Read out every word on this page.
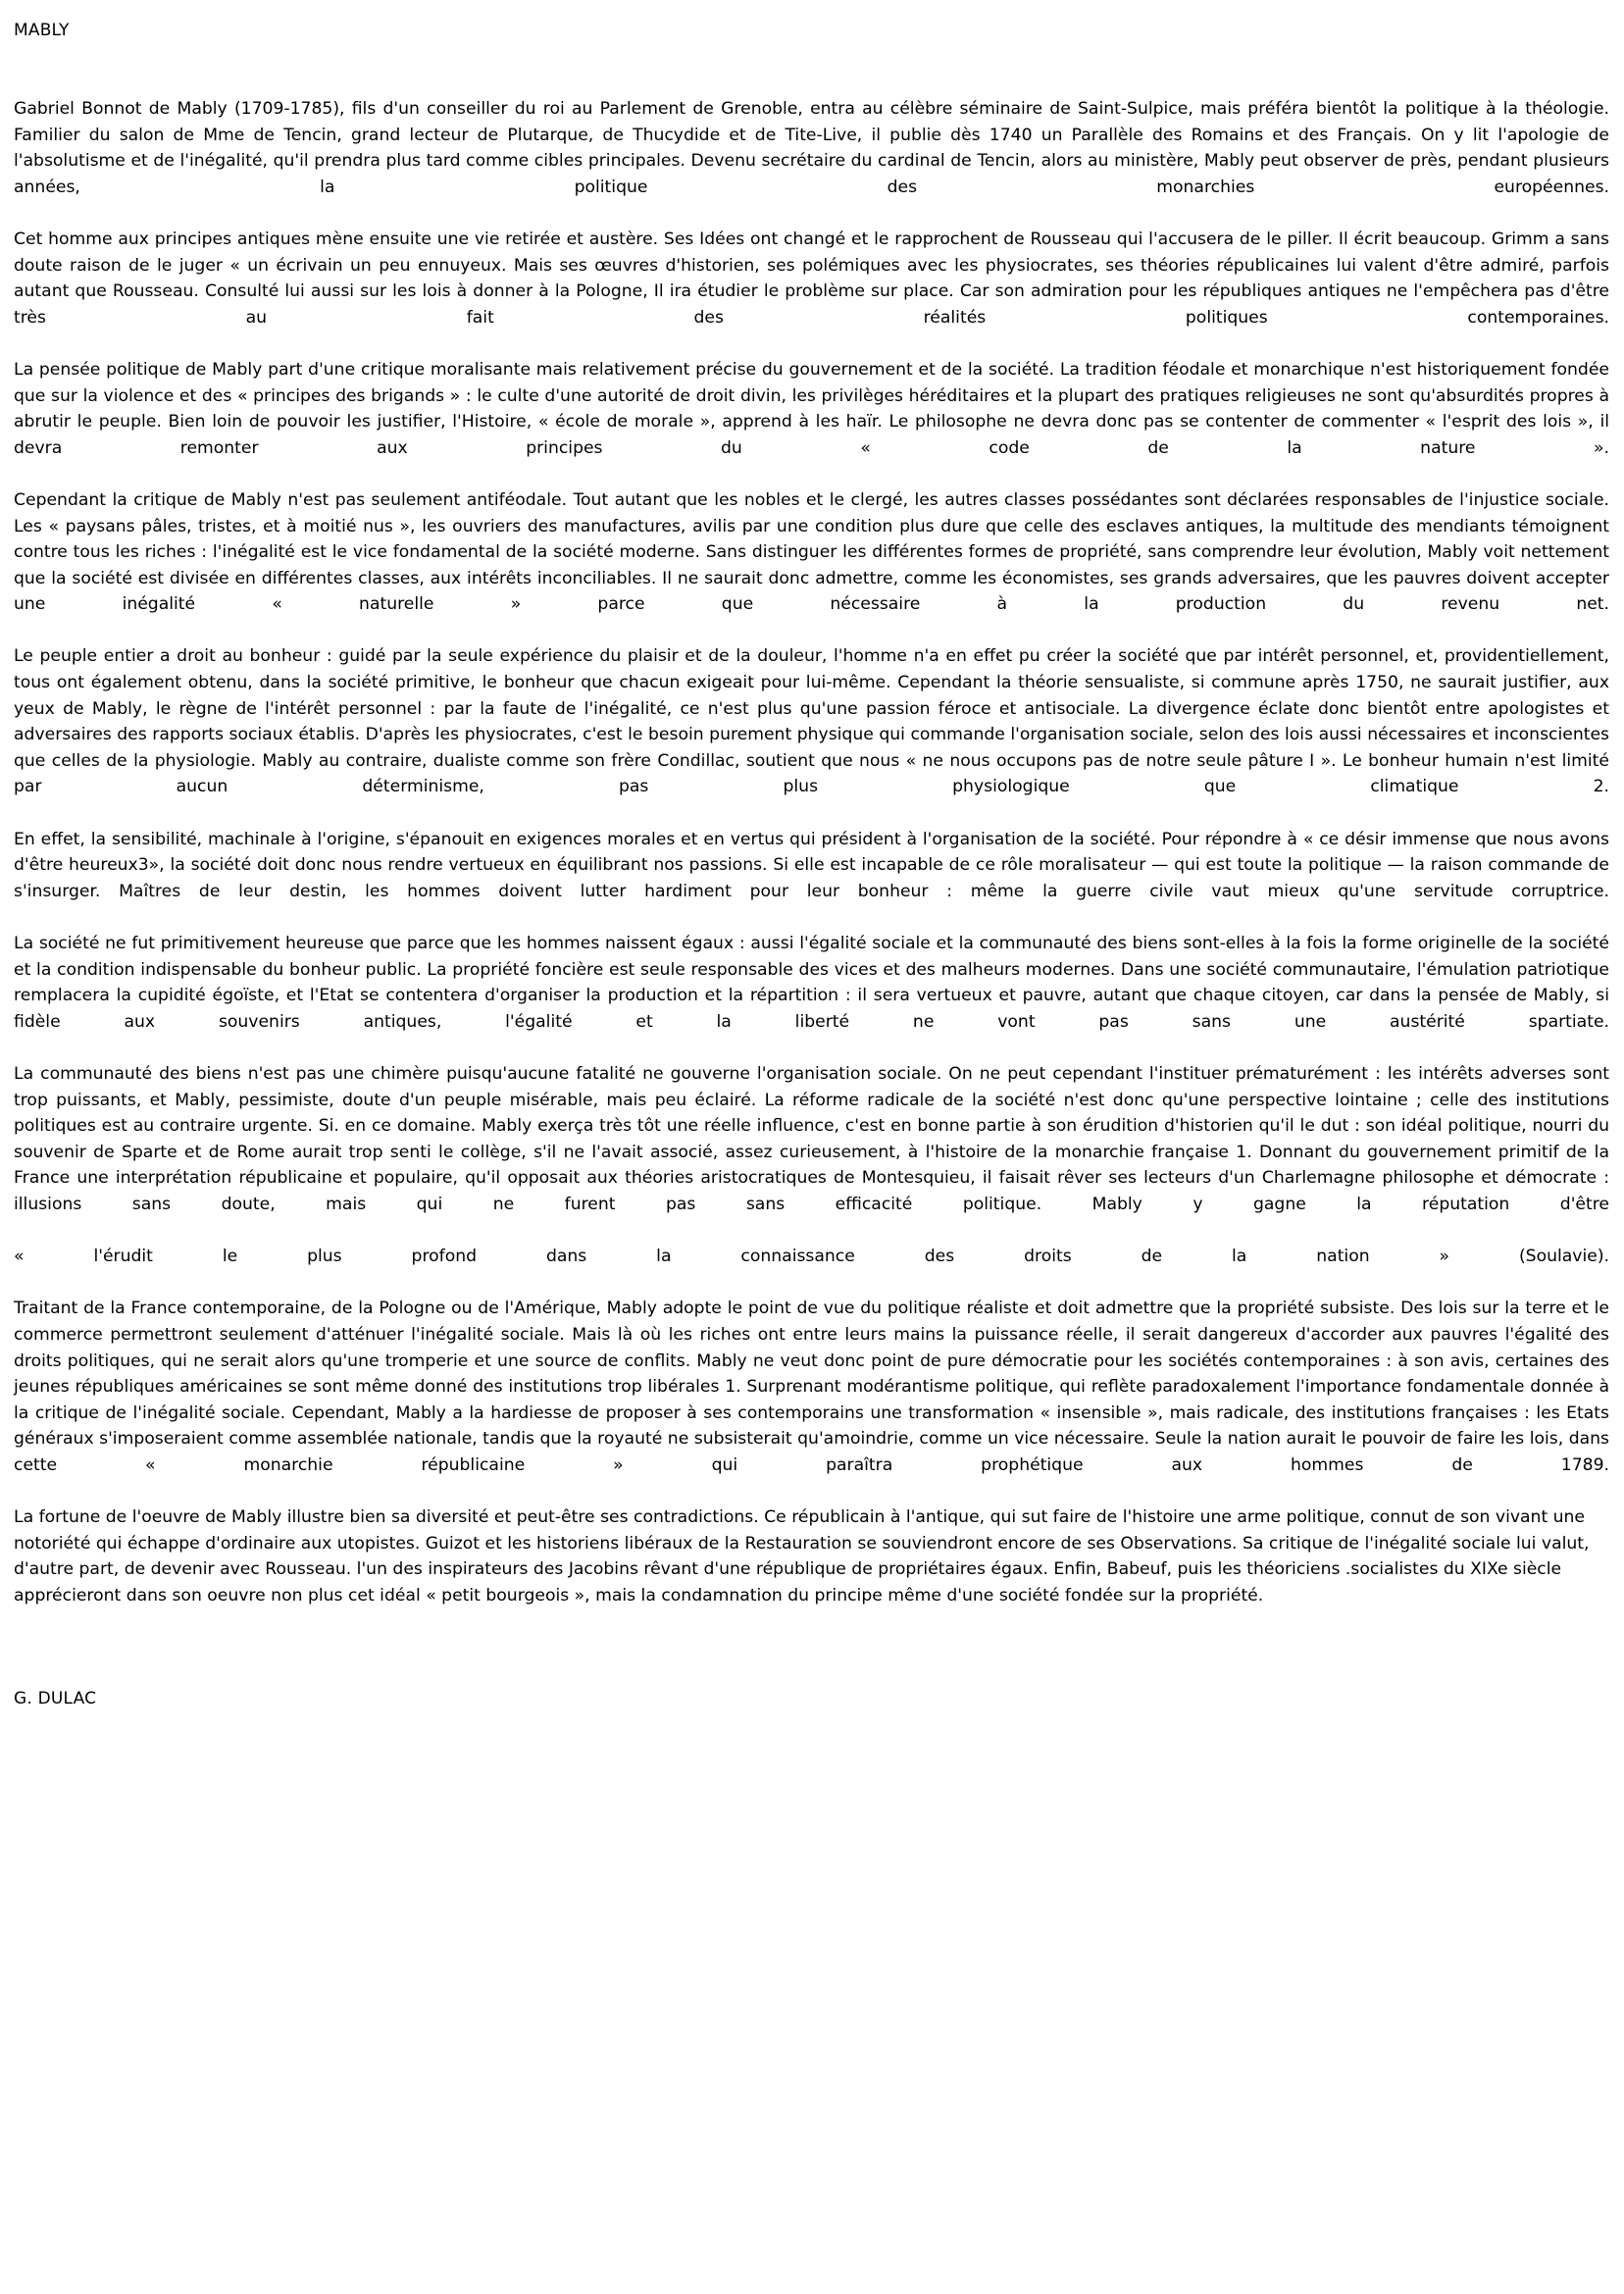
MABLY

Gabriel Bonnot de Mably (1709-1785), fils d'un conseiller du roi au Parlement de Grenoble, entra au célèbre séminaire de Saint-Sulpice, mais préféra bientôt la politique à la théologie. Familier du salon de Mme de Tencin, grand lecteur de Plutarque, de Thucydide et de Tite-Live, il publie dès 1740 un Parallèle des Romains et des Français. On y lit l'apologie de l'absolutisme et de l'inégalité, qu'il prendra plus tard comme cibles principales. Devenu secrétaire du cardinal de Tencin, alors au ministère, Mably peut observer de près, pendant plusieurs années, la politique des monarchies européennes.

Cet homme aux principes antiques mène ensuite une vie retirée et austère. Ses Idées ont changé et le rapprochent de Rousseau qui l'accusera de le piller. Il écrit beaucoup. Grimm a sans doute raison de le juger « un écrivain un peu ennuyeux. Mais ses œuvres d'historien, ses polémiques avec les physiocrates, ses théories républicaines lui valent d'être admiré, parfois autant que Rousseau. Consulté lui aussi sur les lois à donner à la Pologne, Il ira étudier le problème sur place. Car son admiration pour les républiques antiques ne l'empêchera pas d'être très au fait des réalités politiques contemporaines.

La pensée politique de Mably part d'une critique moralisante mais relativement précise du gouvernement et de la société. La tradition féodale et monarchique n'est historiquement fondée que sur la violence et des « principes des brigands » : le culte d'une autorité de droit divin, les privilèges héréditaires et la plupart des pratiques religieuses ne sont qu'absurdités propres à abrutir le peuple. Bien loin de pouvoir les justifier, l'Histoire, « école de morale », apprend à les haïr. Le philosophe ne devra donc pas se contenter de commenter « l'esprit des lois », il devra remonter aux principes du « code de la nature ».

Cependant la critique de Mably n'est pas seulement antiféodale. Tout autant que les nobles et le clergé, les autres classes possédantes sont déclarées responsables de l'injustice sociale. Les « paysans pâles, tristes, et à moitié nus », les ouvriers des manufactures, avilis par une condition plus dure que celle des esclaves antiques, la multitude des mendiants témoignent contre tous les riches : l'inégalité est le vice fondamental de la société moderne. Sans distinguer les différentes formes de propriété, sans comprendre leur évolution, Mably voit nettement que la société est divisée en différentes classes, aux intérêts inconciliables. Il ne saurait donc admettre, comme les économistes, ses grands adversaires, que les pauvres doivent accepter une inégalité « naturelle » parce que nécessaire à la production du revenu net.

Le peuple entier a droit au bonheur : guidé par la seule expérience du plaisir et de la douleur, l'homme n'a en effet pu créer la société que par intérêt personnel, et, providentiellement, tous ont également obtenu, dans la société primitive, le bonheur que chacun exigeait pour lui-même. Cependant la théorie sensualiste, si commune après 1750, ne saurait justifier, aux yeux de Mably, le règne de l'intérêt personnel : par la faute de l'inégalité, ce n'est plus qu'une passion féroce et antisociale. La divergence éclate donc bientôt entre apologistes et adversaires des rapports sociaux établis. D'après les physiocrates, c'est le besoin purement physique qui commande l'organisation sociale, selon des lois aussi nécessaires et inconscientes que celles de la physiologie. Mably au contraire, dualiste comme son frère Condillac, soutient que nous « ne nous occupons pas de notre seule pâture I ». Le bonheur humain n'est limité par aucun déterminisme, pas plus physiologique que climatique 2.

En effet, la sensibilité, machinale à l'origine, s'épanouit en exigences morales et en vertus qui président à l'organisation de la société. Pour répondre à « ce désir immense que nous avons d'être heureux3», la société doit donc nous rendre vertueux en équilibrant nos passions. Si elle est incapable de ce rôle moralisateur — qui est toute la politique — la raison commande de s'insurger. Maîtres de leur destin, les hommes doivent lutter hardiment pour leur bonheur : même la guerre civile vaut mieux qu'une servitude corruptrice.

La société ne fut primitivement heureuse que parce que les hommes naissent égaux : aussi l'égalité sociale et la communauté des biens sont-elles à la fois la forme originelle de la société et la condition indispensable du bonheur public. La propriété foncière est seule responsable des vices et des malheurs modernes. Dans une société communautaire, l'émulation patriotique remplacera la cupidité égoïste, et l'Etat se contentera d'organiser la production et la répartition : il sera vertueux et pauvre, autant que chaque citoyen, car dans la pensée de Mably, si fidèle aux souvenirs antiques, l'égalité et la liberté ne vont pas sans une austérité spartiate.

La communauté des biens n'est pas une chimère puisqu'aucune fatalité ne gouverne l'organisation sociale. On ne peut cependant l'instituer prématurément : les intérêts adverses sont trop puissants, et Mably, pessimiste, doute d'un peuple misérable, mais peu éclairé. La réforme radicale de la société n'est donc qu'une perspective lointaine ; celle des institutions politiques est au contraire urgente. Si. en ce domaine. Mably exerça très tôt une réelle influence, c'est en bonne partie à son érudition d'historien qu'il le dut : son idéal politique, nourri du souvenir de Sparte et de Rome aurait trop senti le collège, s'il ne l'avait associé, assez curieusement, à l'histoire de la monarchie française 1. Donnant du gouvernement primitif de la France une interprétation républicaine et populaire, qu'il opposait aux théories aristocratiques de Montesquieu, il faisait rêver ses lecteurs d'un Charlemagne philosophe et démocrate : illusions sans doute, mais qui ne furent pas sans efficacité politique. Mably y gagne la réputation d'être

« l'érudit le plus profond dans la connaissance des droits de la nation » (Soulavie).

Traitant de la France contemporaine, de la Pologne ou de l'Amérique, Mably adopte le point de vue du politique réaliste et doit admettre que la propriété subsiste. Des lois sur la terre et le commerce permettront seulement d'atténuer l'inégalité sociale. Mais là où les riches ont entre leurs mains la puissance réelle, il serait dangereux d'accorder aux pauvres l'égalité des droits politiques, qui ne serait alors qu'une tromperie et une source de conflits. Mably ne veut donc point de pure démocratie pour les sociétés contemporaines : à son avis, certaines des jeunes républiques américaines se sont même donné des institutions trop libérales 1. Surprenant modérantisme politique, qui reflète paradoxalement l'importance fondamentale donnée à la critique de l'inégalité sociale. Cependant, Mably a la hardiesse de proposer à ses contemporains une transformation « insensible », mais radicale, des institutions françaises : les Etats généraux s'imposeraient comme assemblée nationale, tandis que la royauté ne subsisterait qu'amoindrie, comme un vice nécessaire. Seule la nation aurait le pouvoir de faire les lois, dans cette « monarchie républicaine » qui paraîtra prophétique aux hommes de 1789.

La fortune de l'oeuvre de Mably illustre bien sa diversité et peut-être ses contradictions. Ce républicain à l'antique, qui sut faire de l'histoire une arme politique, connut de son vivant une notoriété qui échappe d'ordinaire aux utopistes. Guizot et les historiens libéraux de la Restauration se souviendront encore de ses Observations. Sa critique de l'inégalité sociale lui valut, d'autre part, de devenir avec Rousseau. l'un des inspirateurs des Jacobins rêvant d'une république de propriétaires égaux. Enfin, Babeuf, puis les théoriciens .socialistes du XIXe siècle apprécieront dans son oeuvre non plus cet idéal « petit bourgeois », mais la condamnation du principe même d'une société fondée sur la propriété.

G. DULAC
